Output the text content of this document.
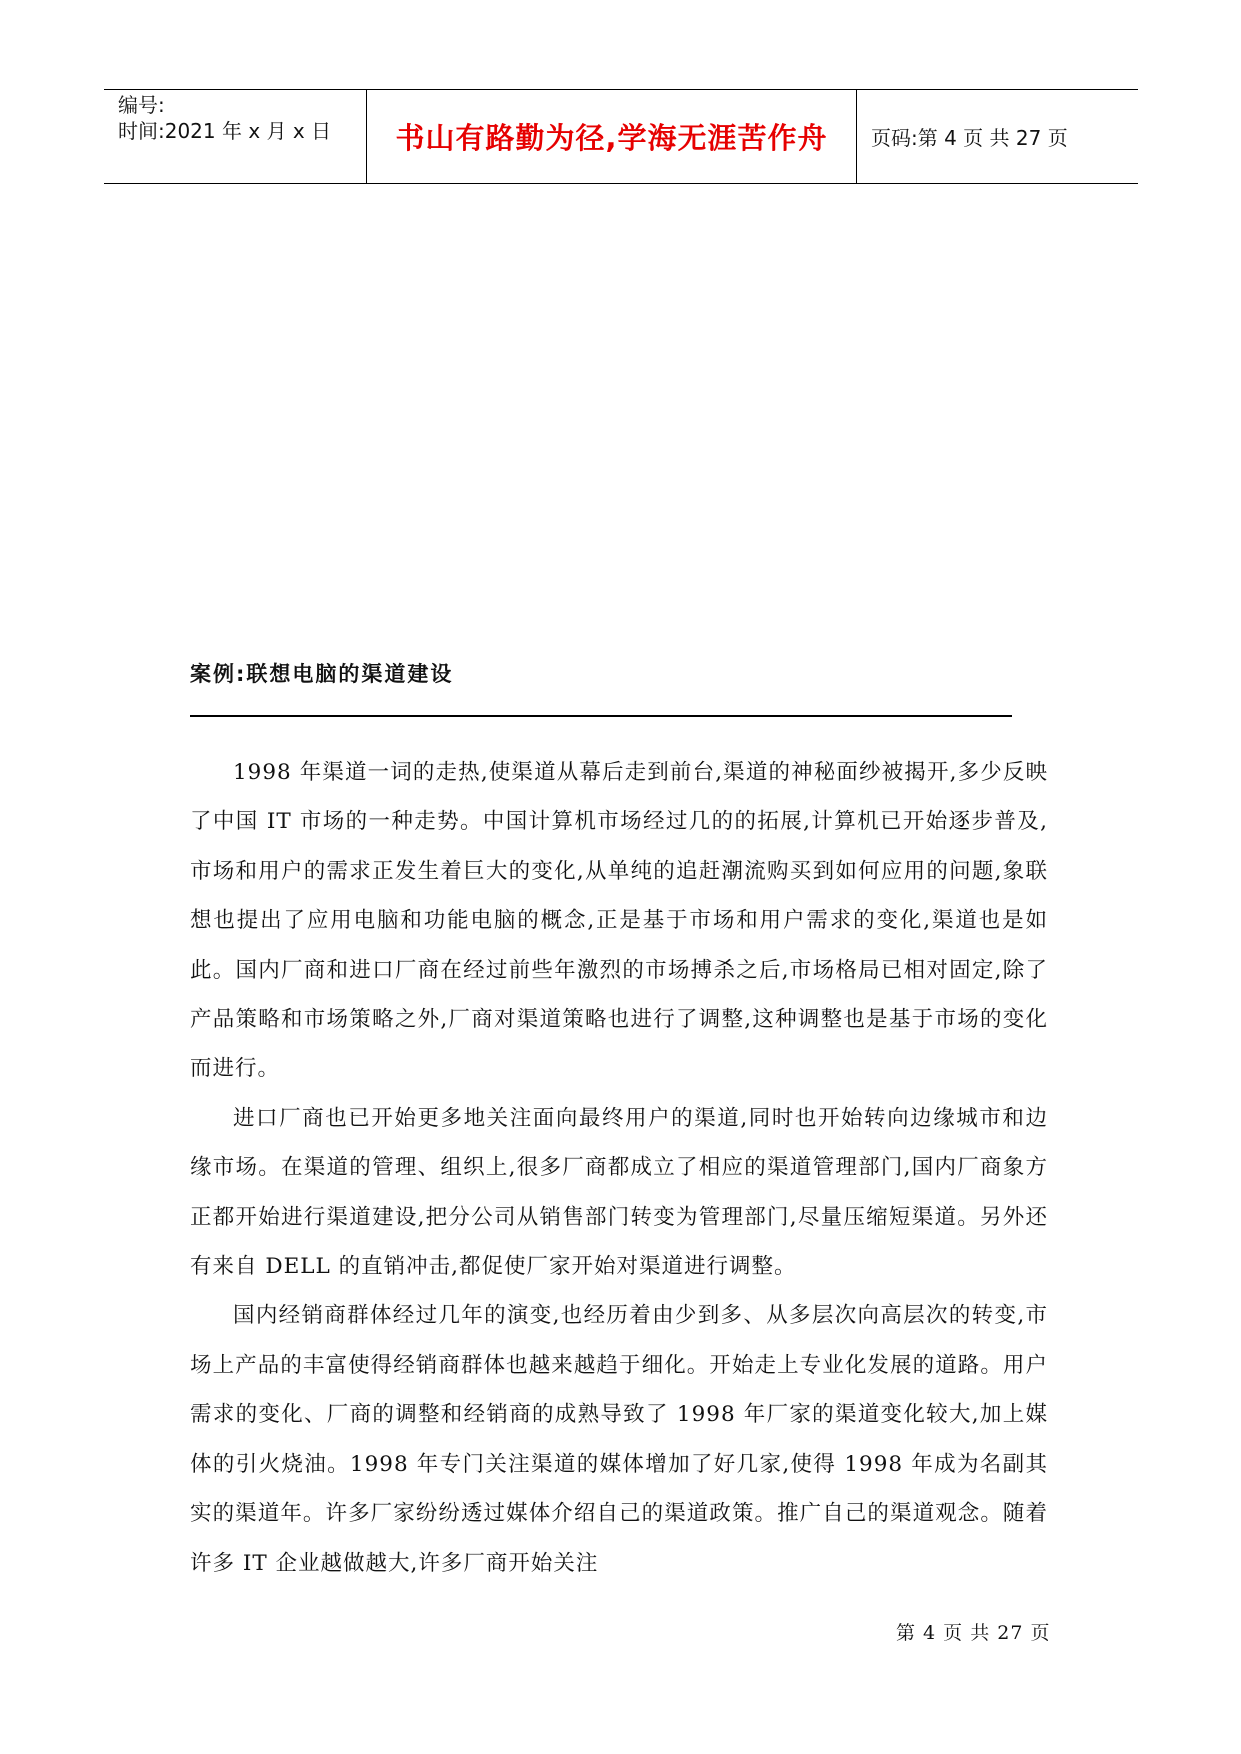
编号:
时间:2021 年 x 月 x 日 书山有路勤为径,学海无涯苦作舟 页码:第 4 页 共 27 页
案例:联想电脑的渠道建设

1998 年渠道一词的走热,使渠道从幕后走到前台,渠道的神秘面纱被揭开,多少反映了中国 IT 市场的一种走势。中国计算机市场经过几的的拓展,计算机已开始逐步普及,市场和用户的需求正发生着巨大的变化,从单纯的追赶潮流购买到如何应用的问题,象联想也提出了应用电脑和功能电脑的概念,正是基于市场和用户需求的变化,渠道也是如此。国内厂商和进口厂商在经过前些年激烈的市场搏杀之后,市场格局已相对固定,除了产品策略和市场策略之外,厂商对渠道策略也进行了调整,这种调整也是基于市场的变化而进行。

进口厂商也已开始更多地关注面向最终用户的渠道,同时也开始转向边缘城市和边缘市场。在渠道的管理、组织上,很多厂商都成立了相应的渠道管理部门,国内厂商象方正都开始进行渠道建设,把分公司从销售部门转变为管理部门,尽量压缩短渠道。另外还有来自 DELL 的直销冲击,都促使厂家开始对渠道进行调整。

国内经销商群体经过几年的演变,也经历着由少到多、从多层次向高层次的转变,市场上产品的丰富使得经销商群体也越来越趋于细化。开始走上专业化发展的道路。用户需求的变化、厂商的调整和经销商的成熟导致了 1998 年厂家的渠道变化较大,加上媒体的引火烧油。1998 年专门关注渠道的媒体增加了好几家,使得 1998 年成为名副其实的渠道年。许多厂家纷纷透过媒体介绍自己的渠道政策。推广自己的渠道观念。随着许多 IT 企业越做越大,许多厂商开始关注

第 4 页 共 27 页
